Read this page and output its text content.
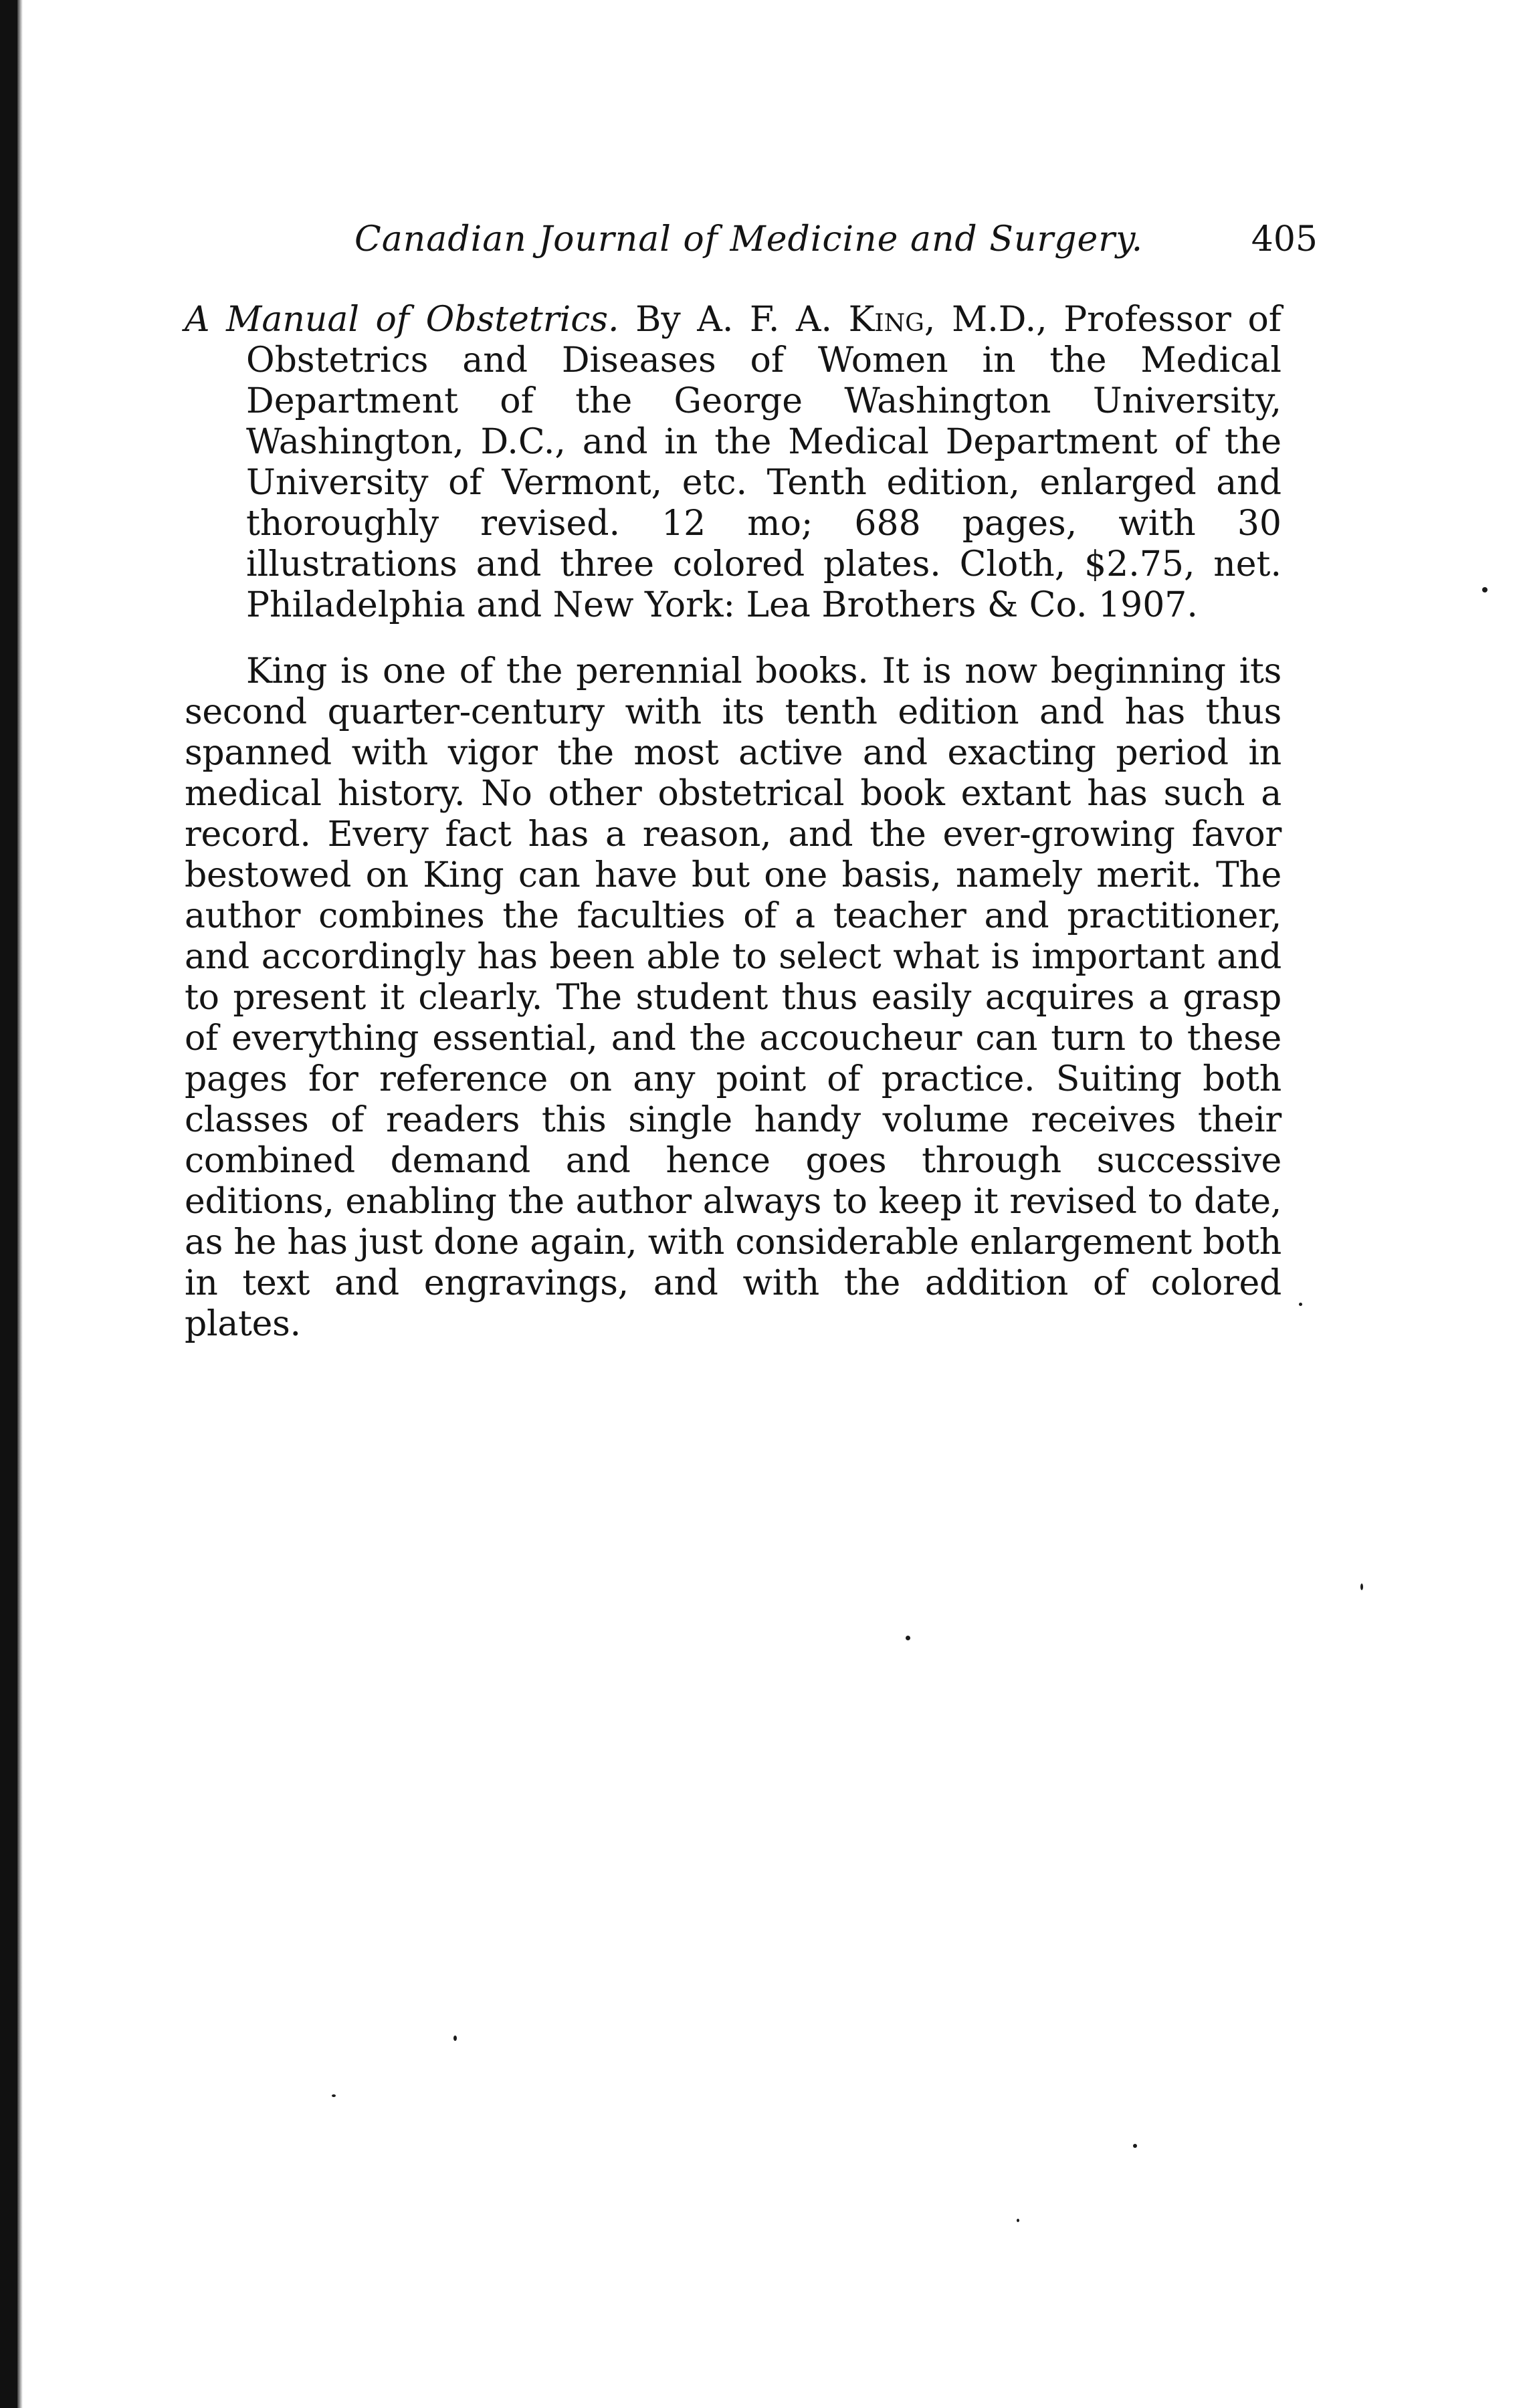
Canadian Journal of Medicine and Surgery.	405

A Manual of Obstetrics. By A. F. A. King, M.D., Professor of Obstetrics and Diseases of Women in the Medical Department of the George Washington University, Washington, D.C., and in the Medical Department of the University of Vermont, etc. Tenth edition, enlarged and thoroughly revised. 12 mo; 688 pages, with 30 illustrations and three colored plates. Cloth, $2.75, net. Philadelphia and New York: Lea Brothers & Co. 1907.

King is one of the perennial books. It is now beginning its second quarter-century with its tenth edition and has thus spanned with vigor the most active and exacting period in medical history. No other obstetrical book extant has such a record. Every fact has a reason, and the ever-growing favor bestowed on King can have but one basis, namely merit. The author combines the faculties of a teacher and practitioner, and accordingly has been able to select what is important and to present it clearly. The student thus easily acquires a grasp of everything essential, and the accoucheur can turn to these pages for reference on any point of practice. Suiting both classes of readers this single handy volume receives their combined demand and hence goes through successive editions, enabling the author always to keep it revised to date, as he has just done again, with considerable enlargement both in text and engravings, and with the addition of colored plates.
